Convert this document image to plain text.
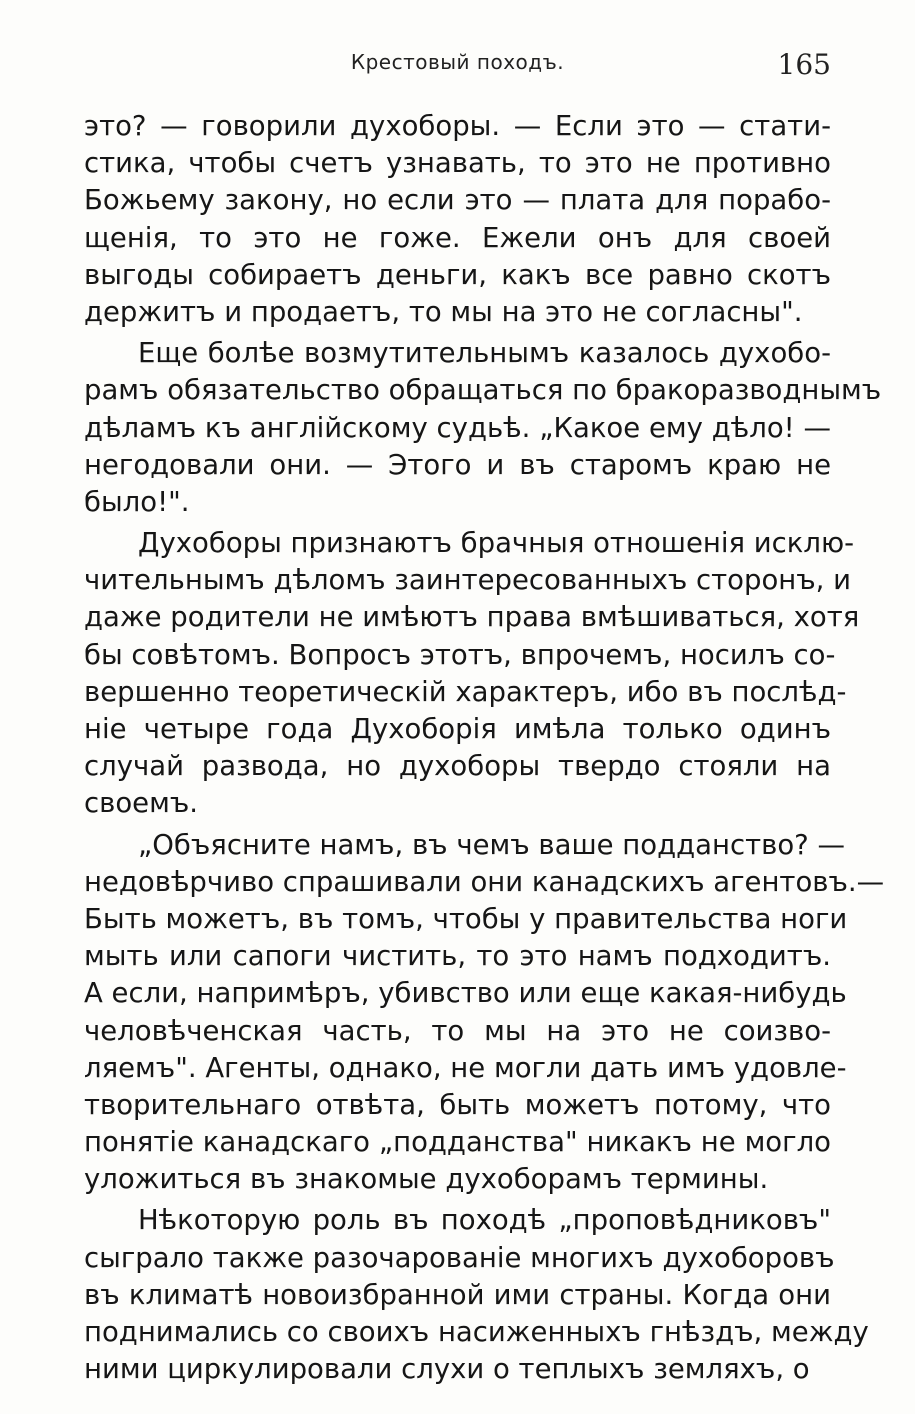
Крестовый походъ.	165
это? — говорили духоборы. — Если это — стати-
стика, чтобы счетъ узнавать, то это не противно
Божьему закону, но если это — плата для порабо-
щенія, то это не гоже. Ежели онъ для своей
выгоды собираетъ деньги, какъ все равно скотъ
держитъ и продаетъ, то мы на это не согласны".
Еще болѣе возмутительнымъ казалось духобо-
рамъ обязательство обращаться по бракоразводнымъ
дѣламъ къ англійскому судьѣ. „Какое ему дѣло! —
негодовали они. — Этого и въ старомъ краю не
было!".
Духоборы признаютъ брачныя отношенія исклю-
чительнымъ дѣломъ заинтересованныхъ сторонъ, и
даже родители не имѣютъ права вмѣшиваться, хотя
бы совѣтомъ. Вопросъ этотъ, впрочемъ, носилъ со-
вершенно теоретическій характеръ, ибо въ послѣд-
ніе четыре года Духоборія имѣла только одинъ
случай развода, но духоборы твердо стояли на
своемъ.
„Объясните намъ, въ чемъ ваше подданство? —
недовѣрчиво спрашивали они канадскихъ агентовъ.—
Быть можетъ, въ томъ, чтобы у правительства ноги
мыть или сапоги чистить, то это намъ подходитъ.
А если, напримѣръ, убивство или еще какая-нибудь
человѣченская часть, то мы на это не соизво-
ляемъ". Агенты, однако, не могли дать имъ удовле-
творительнаго отвѣта, быть можетъ потому, что
понятіе канадскаго „подданства" никакъ не могло
уложиться въ знакомые духоборамъ термины.
Нѣкоторую роль въ походѣ „проповѣдниковъ"
сыграло также разочарованіе многихъ духоборовъ
въ климатѣ новоизбранной ими страны. Когда они
поднимались со своихъ насиженныхъ гнѣздъ, между
ними циркулировали слухи о теплыхъ земляхъ, о
